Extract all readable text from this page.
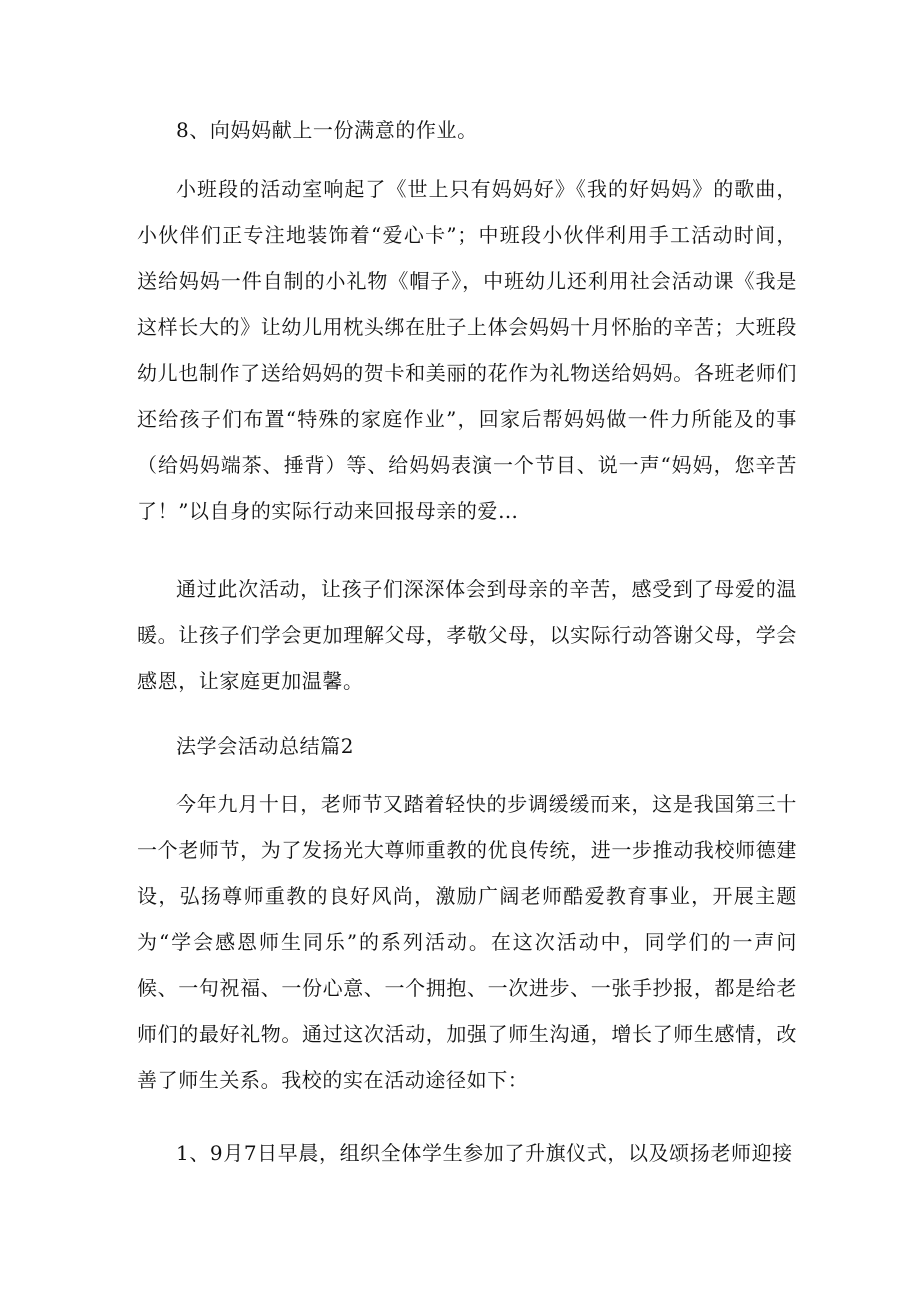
8、向妈妈献上一份满意的作业。

小班段的活动室响起了《世上只有妈妈好》《我的好妈妈》的歌曲，小伙伴们正专注地装饰着“爱心卡”；中班段小伙伴利用手工活动时间，送给妈妈一件自制的小礼物《帽子》，中班幼儿还利用社会活动课《我是这样长大的》让幼儿用枕头绑在肚子上体会妈妈十月怀胎的辛苦；大班段幼儿也制作了送给妈妈的贺卡和美丽的花作为礼物送给妈妈。各班老师们还给孩子们布置“特殊的家庭作业”，回家后帮妈妈做一件力所能及的事（给妈妈端茶、捶背）等、给妈妈表演一个节目、说一声“妈妈，您辛苦了！”以自身的实际行动来回报母亲的爱…

通过此次活动，让孩子们深深体会到母亲的辛苦，感受到了母爱的温暖。让孩子们学会更加理解父母，孝敬父母，以实际行动答谢父母，学会感恩，让家庭更加温馨。

法学会活动总结篇2

今年九月十日，老师节又踏着轻快的步调缓缓而来，这是我国第三十一个老师节，为了发扬光大尊师重教的优良传统，进一步推动我校师德建设，弘扬尊师重教的良好风尚，激励广阔老师酷爱教育事业，开展主题为“学会感恩师生同乐”的系列活动。在这次活动中，同学们的一声问候、一句祝福、一份心意、一个拥抱、一次进步、一张手抄报，都是给老师们的最好礼物。通过这次活动，加强了师生沟通，增长了师生感情，改善了师生关系。我校的实在活动途径如下：

1、9月7日早晨，组织全体学生参加了升旗仪式，以及颂扬老师迎接
